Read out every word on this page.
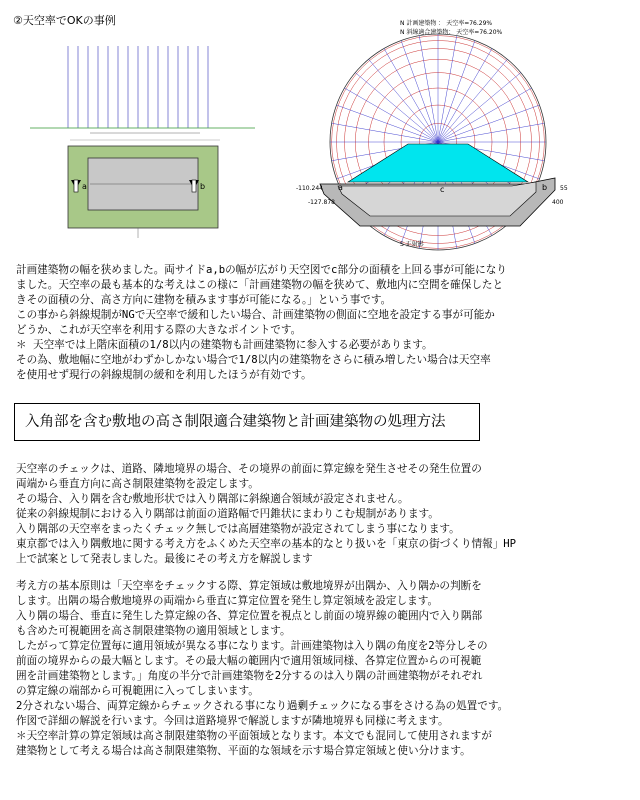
②天空率でOKの事例
a	b
N 計画建築物 ： 天空率=76.29%
N 斜線適合建築物： 天空率=76.20%
a	c	b
-110.244
-127.878
55
400
S 正射影
計画建築物の幅を狭めました。両サイドa,bの幅が広がり天空図でc部分の面積を上回る事が可能になり
ました。天空率の最も基本的な考えはこの様に「計画建築物の幅を狭めて、敷地内に空間を確保したと
きその面積の分、高さ方向に建物を積みます事が可能になる。」という事です。
この事から斜線規制がNGで天空率で緩和したい場合、計画建築物の側面に空地を設定する事が可能か
どうか、これが天空率を利用する際の大きなポイントです。
＊ 天空率では上階床面積の1/8以内の建築物も計画建築物に参入する必要があります。
その為、敷地幅に空地がわずかしかない場合で1/8以内の建築物をさらに積み増したい場合は天空率
を使用せず現行の斜線規制の緩和を利用したほうが有効です。
入角部を含む敷地の高さ制限適合建築物と計画建築物の処理方法
天空率のチェックは、道路、隣地境界の場合、その境界の前面に算定線を発生させその発生位置の
両端から垂直方向に高さ制限建築物を設定します。
その場合、入り隅を含む敷地形状では入り隅部に斜線適合領域が設定されません。
従来の斜線規制における入り隅部は前面の道路幅で円錐状にまわりこむ規制があります。
入り隅部の天空率をまったくチェック無しでは高層建築物が設定されてしまう事になります。
東京都では入り隅敷地に関する考え方をふくめた天空率の基本的なとり扱いを「東京の街づくり情報」HP
上で試案として発表しました。最後にその考え方を解説します
考え方の基本原則は「天空率をチェックする際、算定領域は敷地境界が出隅か、入り隅かの判断を
します。出隅の場合敷地境界の両端から垂直に算定位置を発生し算定領域を設定します。
入り隅の場合、垂直に発生した算定線の各、算定位置を視点とし前面の境界線の範囲内で入り隅部
も含めた可視範囲を高さ制限建築物の適用領域とします。
したがって算定位置毎に適用領域が異なる事になります。計画建築物は入り隅の角度を2等分しその
前面の境界からの最大幅とします。その最大幅の範囲内で適用領域同様、各算定位置からの可視範
囲を計画建築物とします。」角度の半分で計画建築物を2分するのは入り隅の計画建築物がそれぞれ
の算定線の端部から可視範囲に入ってしまいます。
2分されない場合、両算定線からチェックされる事になり過剰チェックになる事をさける為の処置です。
作図で詳細の解説を行います。今回は道路境界で解説しますが隣地境界も同様に考えます。
＊天空率計算の算定領域は高さ制限建築物の平面領域となります。本文でも混同して使用されますが
建築物として考える場合は高さ制限建築物、平面的な領域を示す場合算定領域と使い分けます。
